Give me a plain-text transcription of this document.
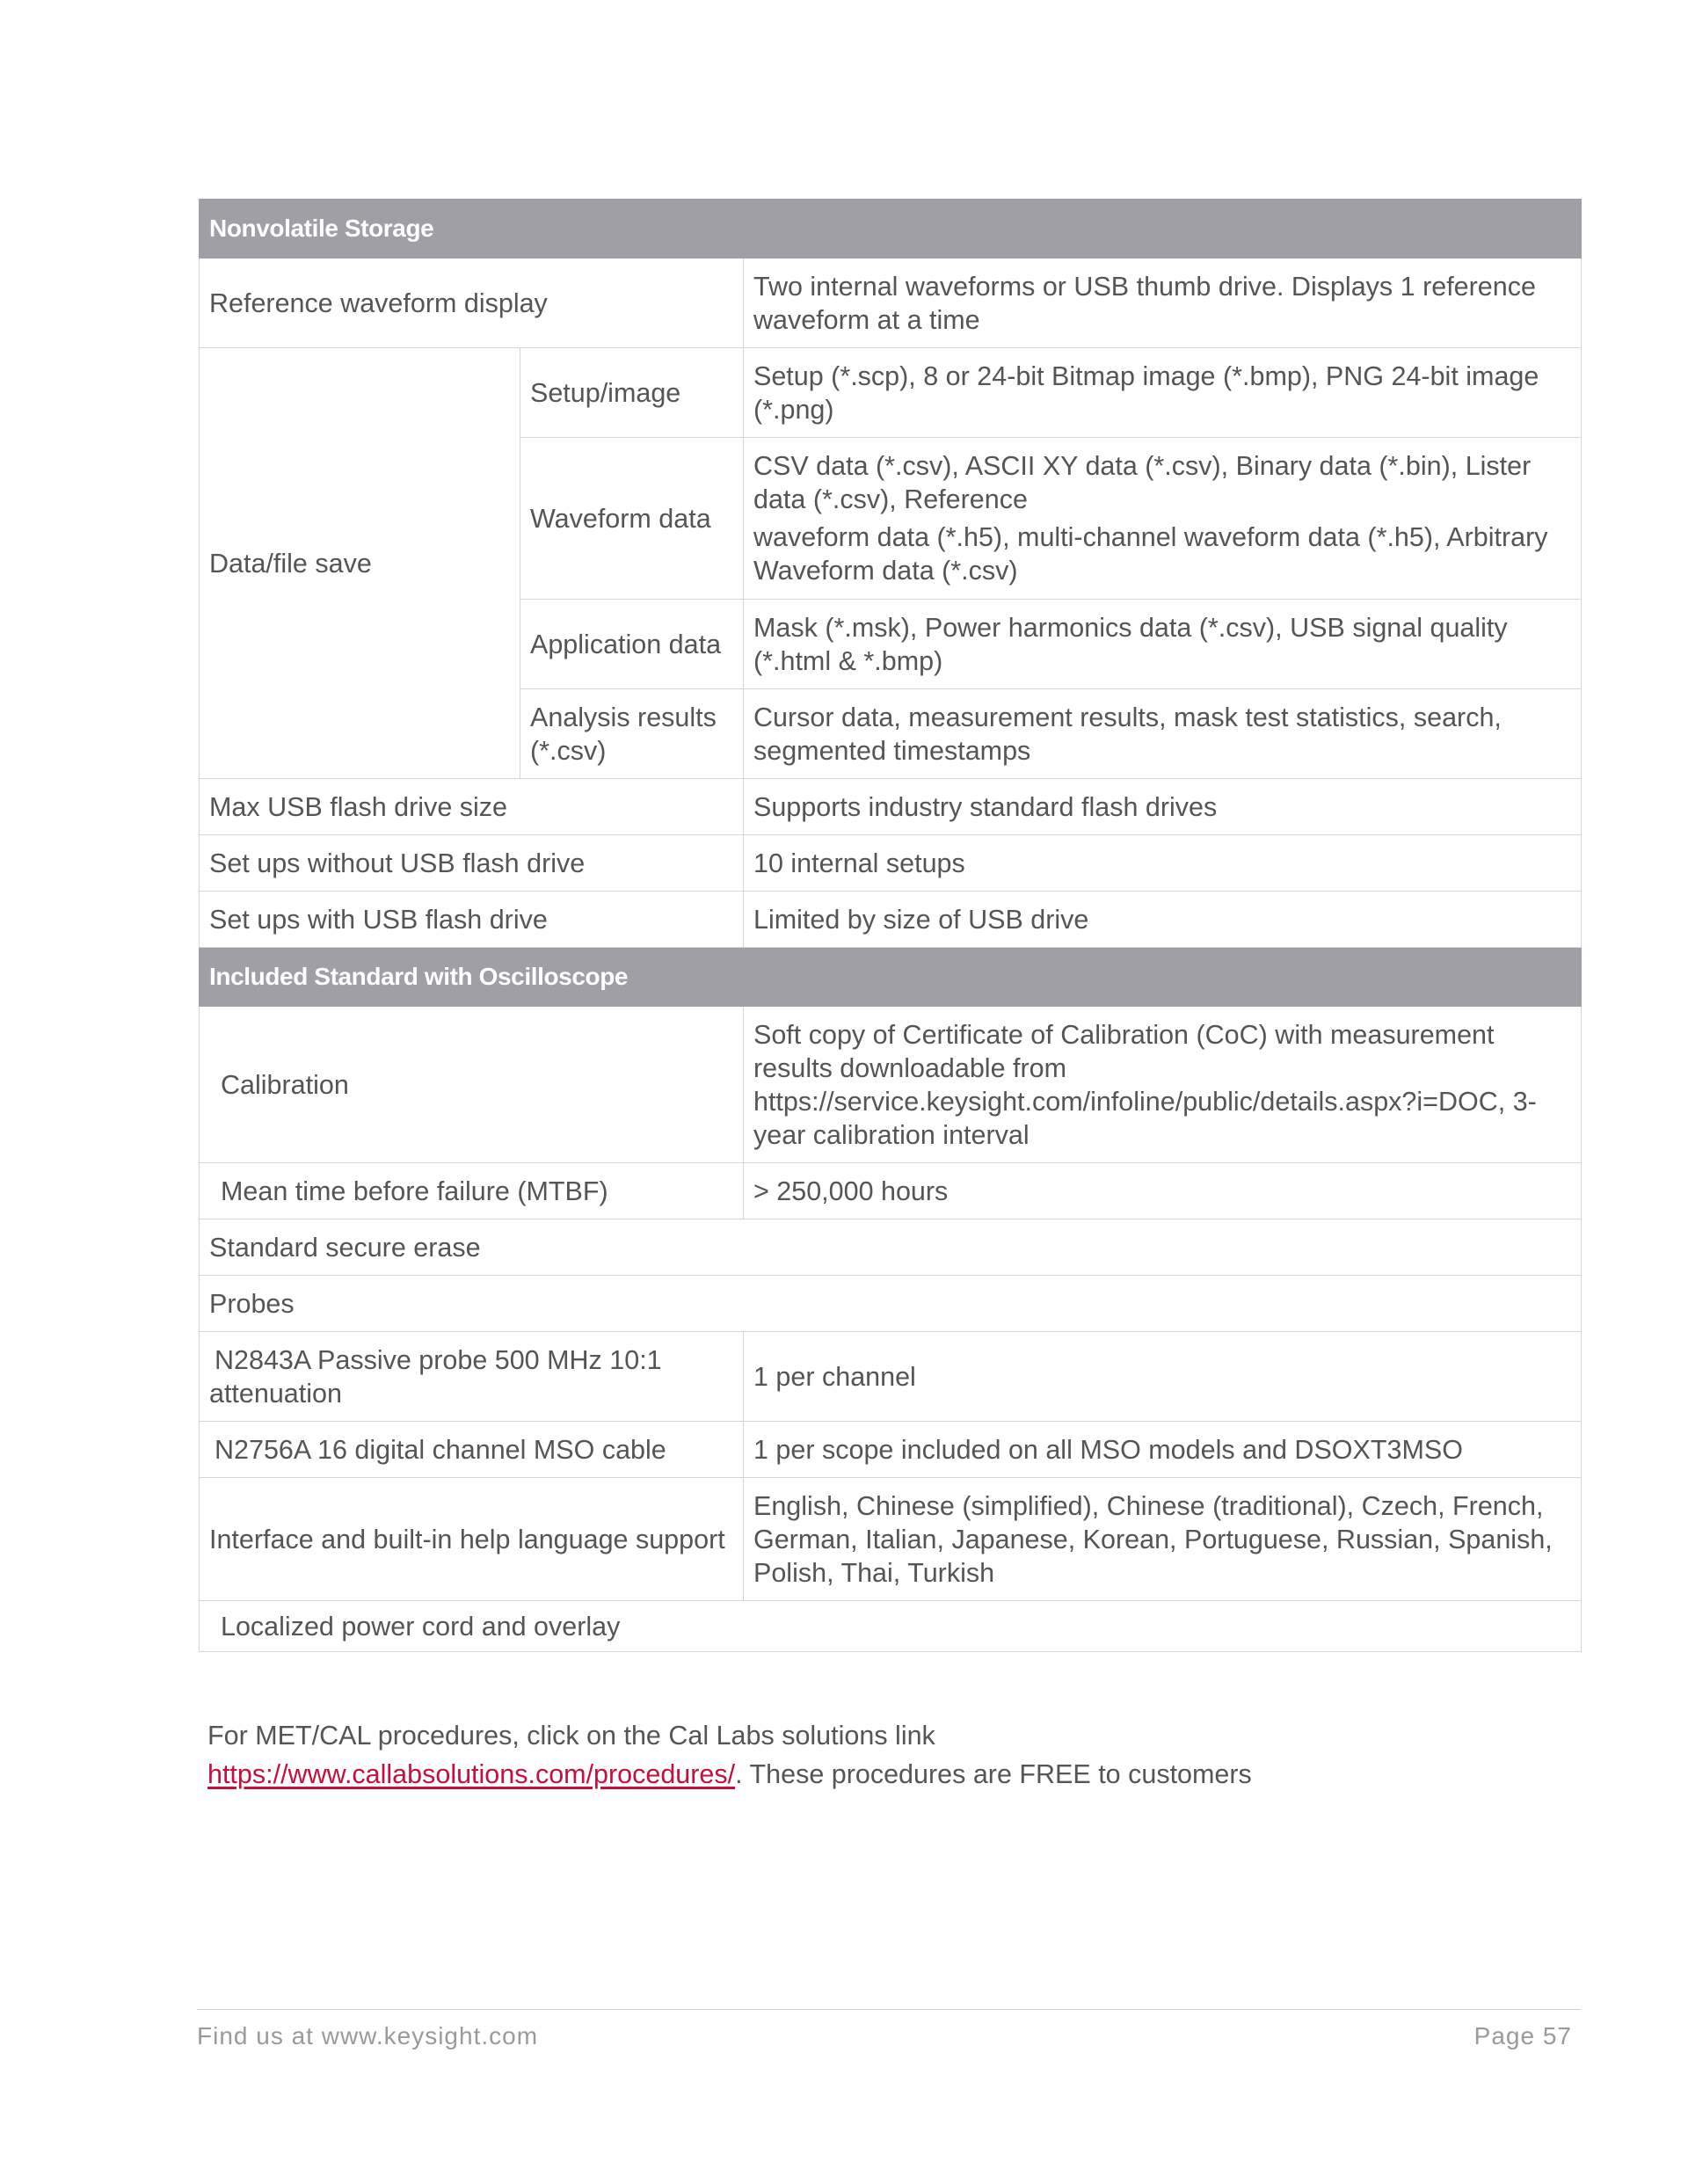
Nonvolatile Storage		
Reference waveform display		Two internal waveforms or USB thumb drive. Displays 1 reference waveform at a time
Data/file save	Setup/image	Setup (*.scp), 8 or 24-bit Bitmap image (*.bmp), PNG 24-bit image (*.png)
	Waveform data	CSV data (*.csv), ASCII XY data (*.csv), Binary data (*.bin), Lister data (*.csv), Reference
waveform data (*.h5), multi-channel waveform data (*.h5), Arbitrary Waveform data (*.csv)

	Application data	Mask (*.msk), Power harmonics data (*.csv), USB signal quality (*.html & *.bmp)
	Analysis results (*.csv)	Cursor data, measurement results, mask test statistics, search, segmented timestamps
Max USB flash drive size		Supports industry standard flash drives
Set ups without USB flash drive		10 internal setups
Set ups with USB flash drive		Limited by size of USB drive
Included Standard with Oscilloscope		
Calibration		Soft copy of Certificate of Calibration (CoC) with measurement results downloadable from https://service.keysight.com/infoline/public/details.aspx?i=DOC, 3-year calibration interval
Mean time before failure (MTBF)		> 250,000 hours
Standard secure erase		
Probes		
N2843A Passive probe 500 MHz 10:1 attenuation		1 per channel
N2756A 16 digital channel MSO cable		1 per scope included on all MSO models and DSOXT3MSO
Interface and built-in help language support		English, Chinese (simplified), Chinese (traditional), Czech, French, German, Italian, Japanese, Korean, Portuguese, Russian, Spanish, Polish, Thai, Turkish
Localized power cord and overlay		
For MET/CAL procedures, click on the Cal Labs solutions link
https://www.callabsolutions.com/procedures/. These procedures are FREE to customers
Find us at www.keysight.com	Page 57
